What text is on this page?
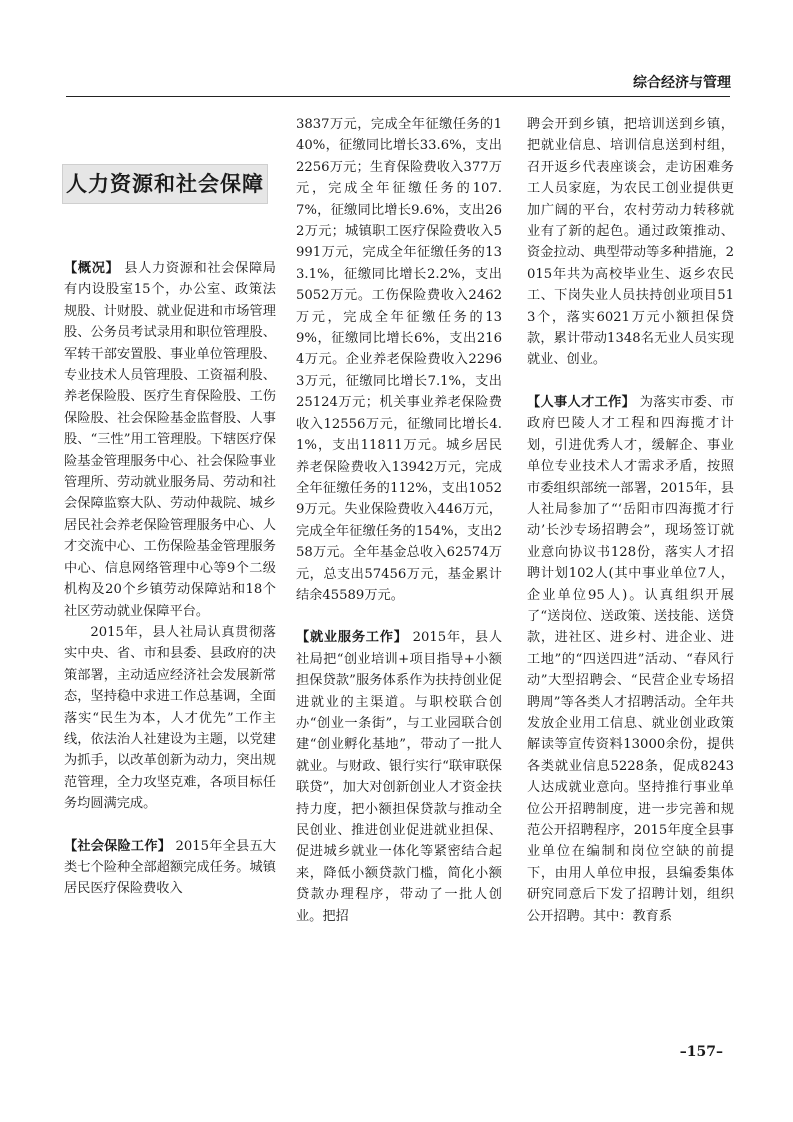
综合经济与管理
人力资源和社会保障

【概况】 县人力资源和社会保障局有内设股室15个，办公室、政策法规股、计财股、就业促进和市场管理股、公务员考试录用和职位管理股、军转干部安置股、事业单位管理股、专业技术人员管理股、工资福利股、养老保险股、医疗生育保险股、工伤保险股、社会保险基金监督股、人事股、“三性”用工管理股。下辖医疗保险基金管理服务中心、社会保险事业管理所、劳动就业服务局、劳动和社会保障监察大队、劳动仲裁院、城乡居民社会养老保险管理服务中心、人才交流中心、工伤保险基金管理服务中心、信息网络管理中心等9个二级机构及20个乡镇劳动保障站和18个社区劳动就业保障平台。

2015年，县人社局认真贯彻落实中央、省、市和县委、县政府的决策部署，主动适应经济社会发展新常态，坚持稳中求进工作总基调，全面落实“民生为本，人才优先”工作主线，依法治人社建设为主题，以党建为抓手，以改革创新为动力，突出规范管理，全力攻坚克难，各项目标任务均圆满完成。

【社会保险工作】 2015年全县五大类七个险种全部超额完成任务。城镇居民医疗保险费收入

3837万元，完成全年征缴任务的140%，征缴同比增长33.6%，支出2256万元；生育保险费收入377万元，完成全年征缴任务的107.7%，征缴同比增长9.6%，支出262万元；城镇职工医疗保险费收入5991万元，完成全年征缴任务的133.1%，征缴同比增长2.2%，支出5052万元。工伤保险费收入2462万元，完成全年征缴任务的139%，征缴同比增长6%，支出2164万元。企业养老保险费收入22963万元，征缴同比增长7.1%，支出25124万元；机关事业养老保险费收入12556万元，征缴同比增长4.1%，支出11811万元。城乡居民养老保险费收入13942万元，完成全年征缴任务的112%，支出10529万元。失业保险费收入446万元，完成全年征缴任务的154%，支出258万元。全年基金总收入62574万元，总支出57456万元，基金累计结余45589万元。

【就业服务工作】 2015年，县人社局把“创业培训+项目指导+小额担保贷款”服务体系作为扶持创业促进就业的主渠道。与职校联合创办“创业一条街”，与工业园联合创建“创业孵化基地”，带动了一批人就业。与财政、银行实行“联审联保联贷”，加大对创新创业人才资金扶持力度，把小额担保贷款与推动全民创业、推进创业促进就业担保、促进城乡就业一体化等紧密结合起来，降低小额贷款门槛，简化小额贷款办理程序，带动了一批人创业。把招

聘会开到乡镇，把培训送到乡镇，把就业信息、培训信息送到村组，召开返乡代表座谈会，走访困难务工人员家庭，为农民工创业提供更加广阔的平台，农村劳动力转移就业有了新的起色。通过政策推动、资金拉动、典型带动等多种措施，2015年共为高校毕业生、返乡农民工、下岗失业人员扶持创业项目513个，落实6021万元小额担保贷款，累计带动1348名无业人员实现就业、创业。

【人事人才工作】 为落实市委、市政府巴陵人才工程和四海揽才计划，引进优秀人才，缓解企、事业单位专业技术人才需求矛盾，按照市委组织部统一部署，2015年，县人社局参加了“‘岳阳市四海揽才行动’长沙专场招聘会”，现场签订就业意向协议书128份，落实人才招聘计划102人(其中事业单位7人，企业单位95人)。认真组织开展了“送岗位、送政策、送技能、送贷款，进社区、进乡村、进企业、进工地”的“四送四进”活动、“春风行动”大型招聘会、“民营企业专场招聘周”等各类人才招聘活动。全年共发放企业用工信息、就业创业政策解读等宣传资料13000余份，提供各类就业信息5228条，促成8243人达成就业意向。坚持推行事业单位公开招聘制度，进一步完善和规范公开招聘程序，2015年度全县事业单位在编制和岗位空缺的前提下，由用人单位申报，县编委集体研究同意后下发了招聘计划，组织公开招聘。其中：教育系

–157–
